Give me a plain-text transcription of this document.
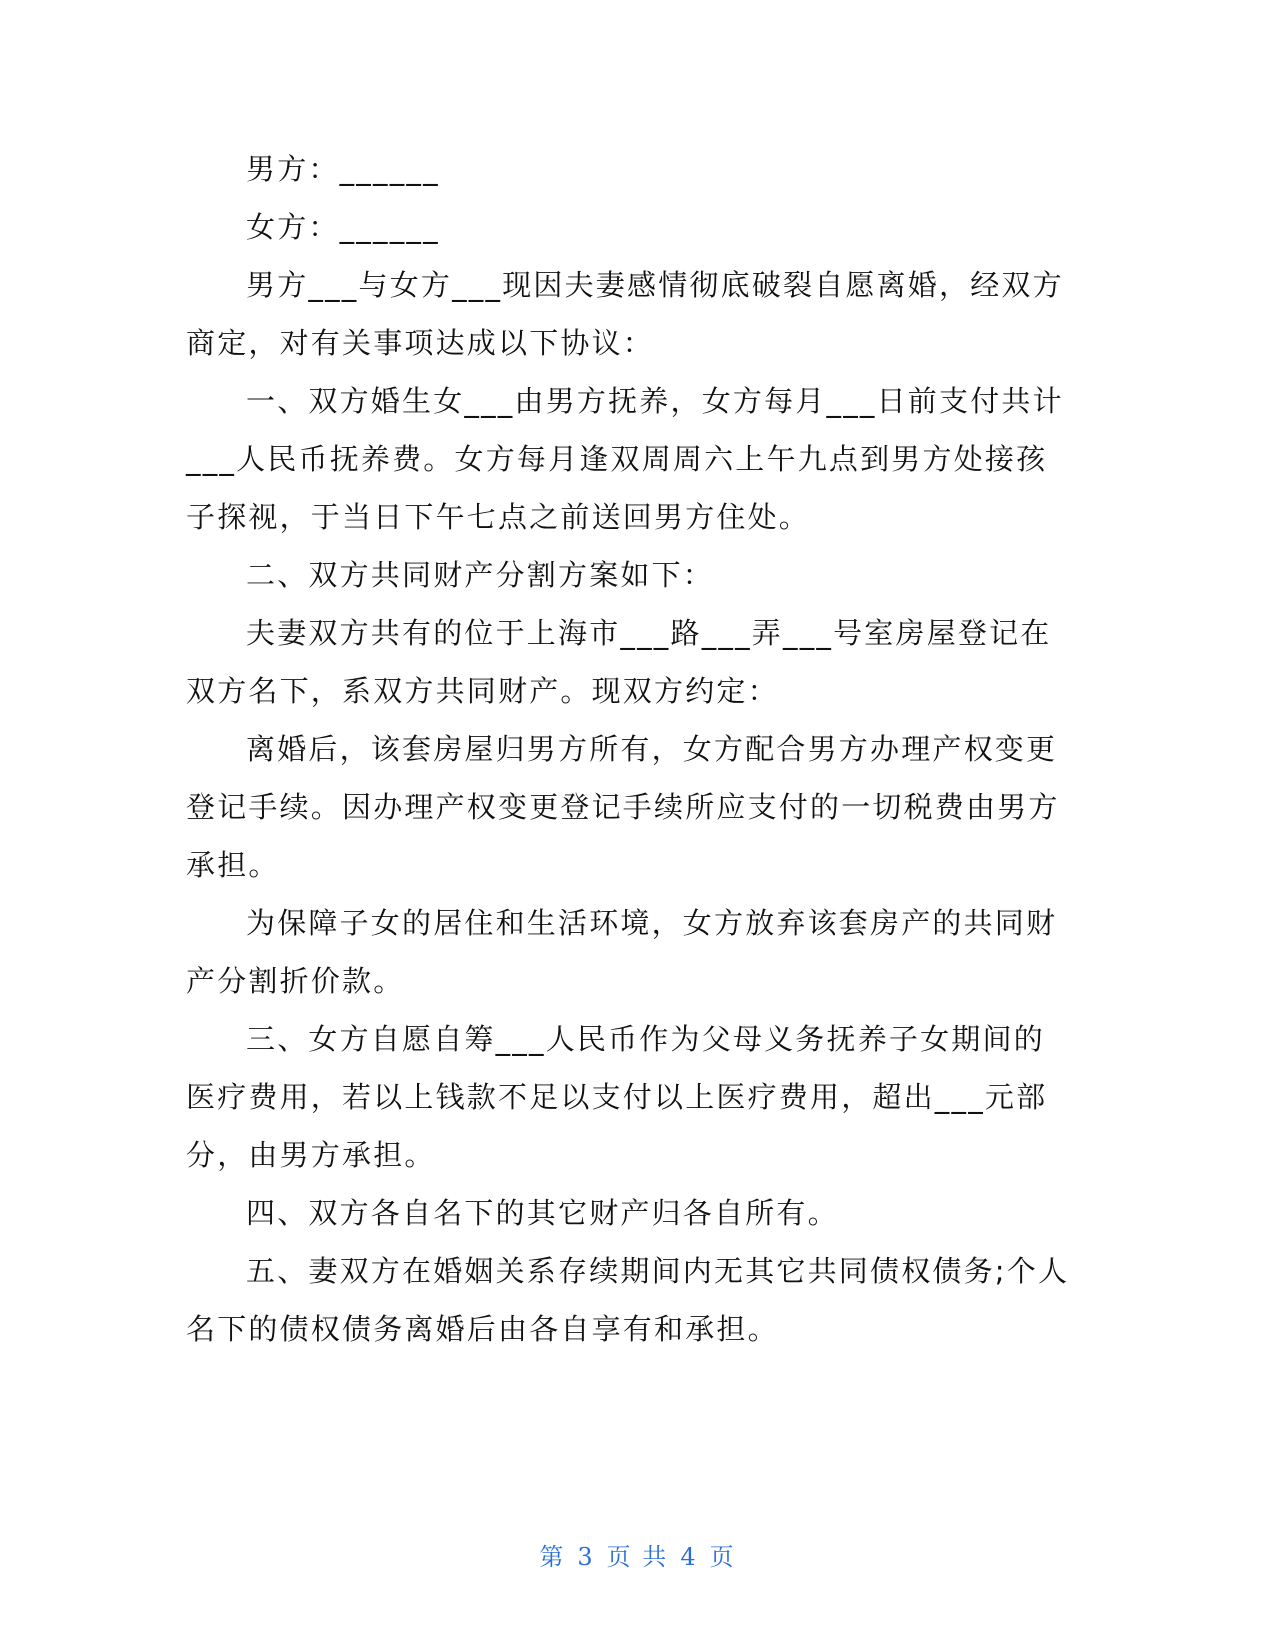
男方：______

女方：______

男方___与女方___现因夫妻感情彻底破裂自愿离婚，经双方商定，对有关事项达成以下协议：

一、双方婚生女___由男方抚养，女方每月___日前支付共计___人民币抚养费。女方每月逢双周周六上午九点到男方处接孩子探视，于当日下午七点之前送回男方住处。

二、双方共同财产分割方案如下：

夫妻双方共有的位于上海市___路___弄___号室房屋登记在双方名下，系双方共同财产。现双方约定：

离婚后，该套房屋归男方所有，女方配合男方办理产权变更登记手续。因办理产权变更登记手续所应支付的一切税费由男方承担。

为保障子女的居住和生活环境，女方放弃该套房产的共同财产分割折价款。

三、女方自愿自筹___人民币作为父母义务抚养子女期间的医疗费用，若以上钱款不足以支付以上医疗费用，超出___元部分，由男方承担。

四、双方各自名下的其它财产归各自所有。

五、妻双方在婚姻关系存续期间内无其它共同债权债务;个人名下的债权债务离婚后由各自享有和承担。

第 3 页 共 4 页
